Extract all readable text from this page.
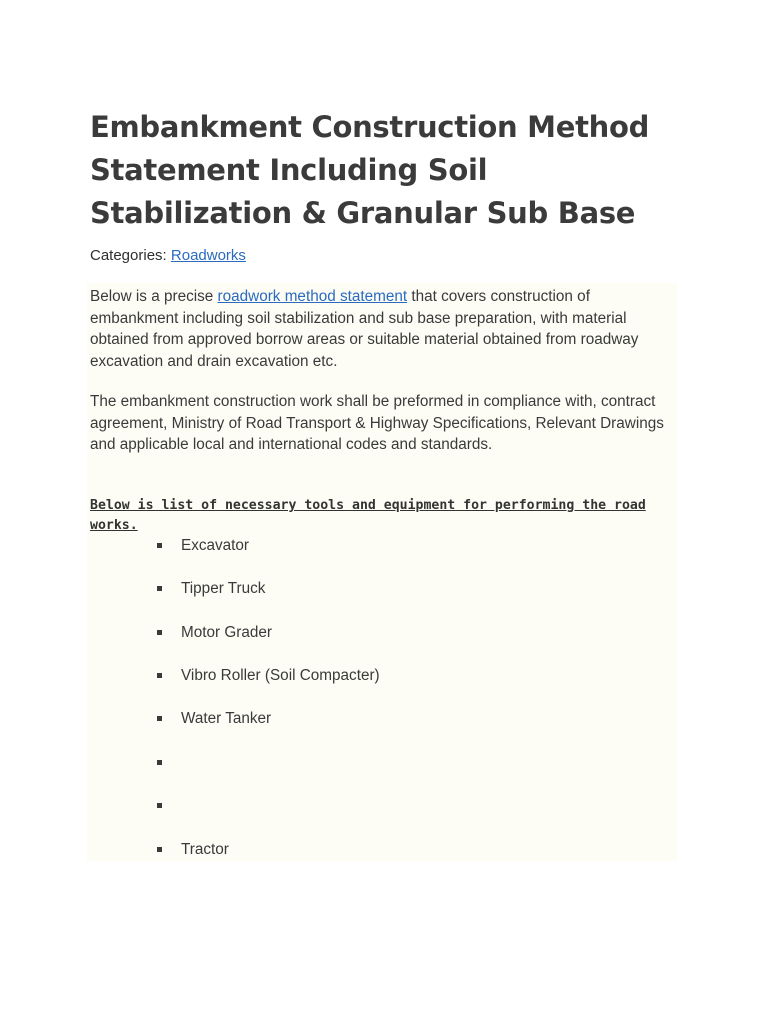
Embankment Construction Method Statement Including Soil Stabilization & Granular Sub Base
Categories: Roadworks

Below is a precise roadwork method statement that covers construction of embankment including soil stabilization and sub base preparation, with material obtained from approved borrow areas or suitable material obtained from roadway excavation and drain excavation etc.

The embankment construction work shall be preformed in compliance with, contract agreement, Ministry of Road Transport & Highway Specifications, Relevant Drawings and applicable local and international codes and standards.

Below is list of necessary tools and equipment for performing the road works.

Excavator
Tipper Truck
Motor Grader
Vibro Roller (Soil Compacter)
Water Tanker
Tractor
